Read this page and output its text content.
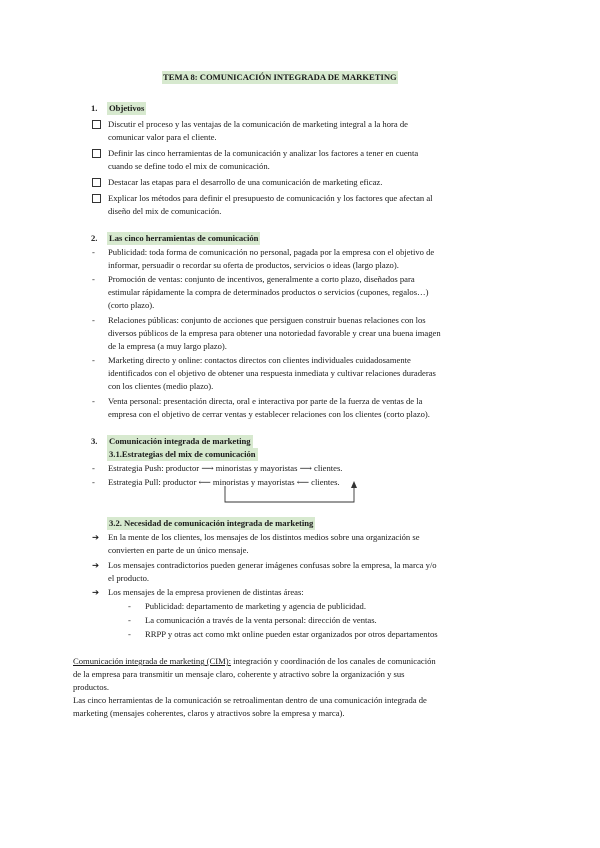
TEMA 8: COMUNICACIÓN INTEGRADA DE MARKETING
1. Objetivos
Discutir el proceso y las ventajas de la comunicación de marketing integral a la hora de
comunicar valor para el cliente.
Definir las cinco herramientas de la comunicación y analizar los factores a tener en cuenta
cuando se define todo el mix de comunicación.
Destacar las etapas para el desarrollo de una comunicación de marketing eficaz.
Explicar los métodos para definir el presupuesto de comunicación y los factores que afectan al
diseño del mix de comunicación.
2. Las cinco herramientas de comunicación
- Publicidad: toda forma de comunicación no personal, pagada por la empresa con el objetivo de
informar, persuadir o recordar su oferta de productos, servicios o ideas (largo plazo).
- Promoción de ventas: conjunto de incentivos, generalmente a corto plazo, diseñados para
estimular rápidamente la compra de determinados productos o servicios (cupones, regalos…)
(corto plazo).
- Relaciones públicas: conjunto de acciones que persiguen construir buenas relaciones con los
diversos públicos de la empresa para obtener una notoriedad favorable y crear una buena imagen
de la empresa (a muy largo plazo).
- Marketing directo y online: contactos directos con clientes individuales cuidadosamente
identificados con el objetivo de obtener una respuesta inmediata y cultivar relaciones duraderas
con los clientes (medio plazo).
- Venta personal: presentación directa, oral e interactiva por parte de la fuerza de ventas de la
empresa con el objetivo de cerrar ventas y establecer relaciones con los clientes (corto plazo).
3. Comunicación integrada de marketing
3.1.Estrategias del mix de comunicación
- Estrategia Push: productor ⟶ minoristas y mayoristas ⟶ clientes.
- Estrategia Pull: productor ⟵ minoristas y mayoristas ⟵ clientes.
3.2. Necesidad de comunicación integrada de marketing
➔ En la mente de los clientes, los mensajes de los distintos medios sobre una organización se
convierten en parte de un único mensaje.
➔ Los mensajes contradictorios pueden generar imágenes confusas sobre la empresa, la marca y/o
el producto.
➔ Los mensajes de la empresa provienen de distintas áreas:
- Publicidad: departamento de marketing y agencia de publicidad.
- La comunicación a través de la venta personal: dirección de ventas.
- RRPP y otras act como mkt online pueden estar organizados por otros departamentos
Comunicación integrada de marketing (CIM): integración y coordinación de los canales de comunicación
de la empresa para transmitir un mensaje claro, coherente y atractivo sobre la organización y sus
productos.
Las cinco herramientas de la comunicación se retroalimentan dentro de una comunicación integrada de
marketing (mensajes coherentes, claros y atractivos sobre la empresa y marca).
